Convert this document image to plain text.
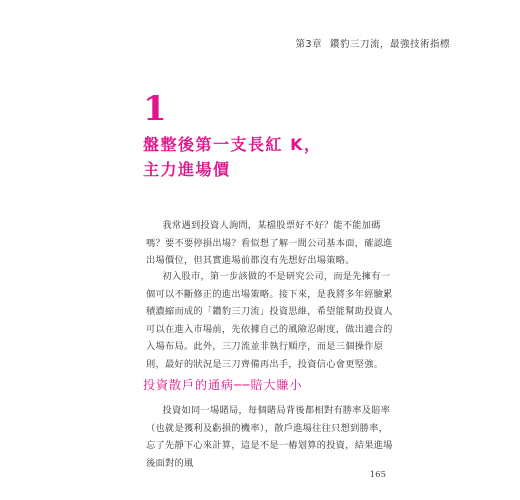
第3章 鑽豹三刀流，最強技術指標
1
盤整後第一支長紅 K，
主力進場價

我常遇到投資人詢問，某檔股票好不好？能不能加碼嗎？要不要停損出場？看似想了解一間公司基本面，確認進出場價位，但其實進場前都沒有先想好出場策略。

初入股市，第一步該做的不是研究公司，而是先擁有一個可以不斷修正的進出場策略。接下來，是我將多年經驗累積濃縮而成的「鑽豹三刀流」投資思維，希望能幫助投資人可以在進入市場前，先依據自己的風險忍耐度，做出適合的入場布局。此外，三刀流並非執行順序，而是三個操作原則，最好的狀況是三刀齊備再出手，投資信心會更堅強。

投資散戶的通病──賠大賺小

投資如同一場賭局，每個賭局背後都相對有勝率及賠率（也就是獲利及虧損的機率），散戶進場往往只想到勝率，忘了先靜下心來計算，這是不是一樁划算的投資，結果進場後面對的風

165
